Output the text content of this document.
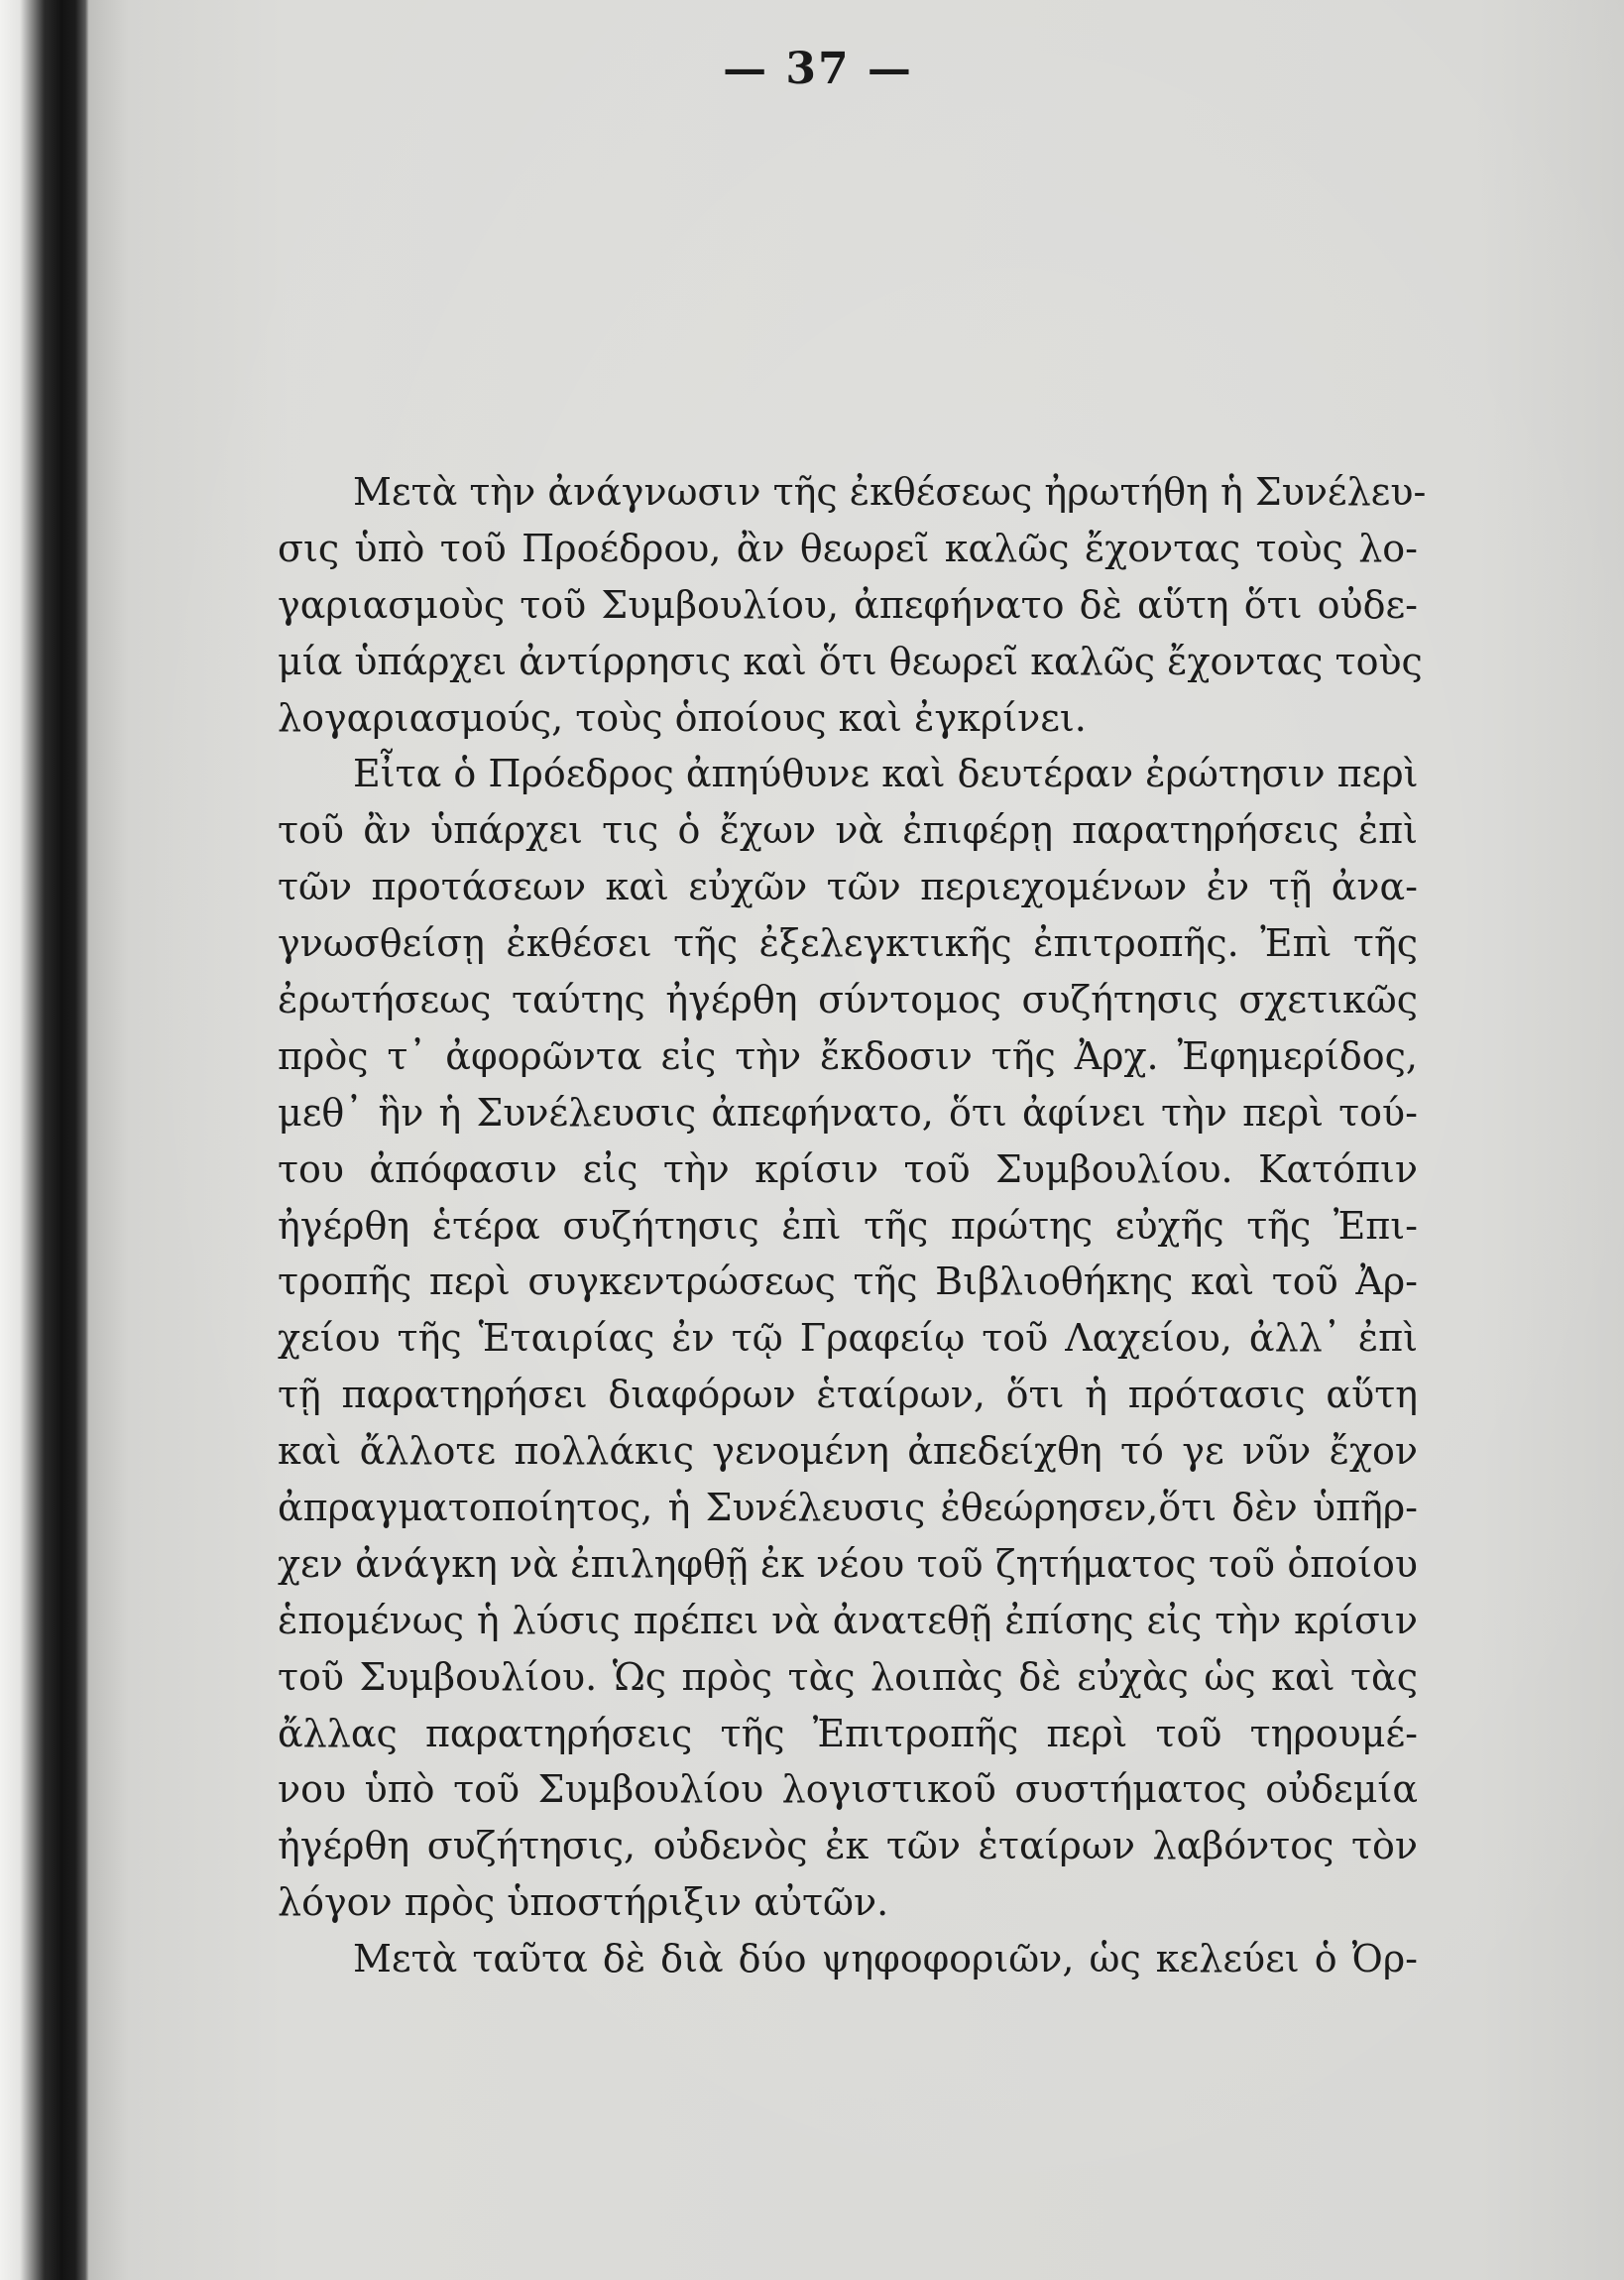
— 37 —
Μετὰ τὴν ἀνάγνωσιν τῆς ἐκθέσεως ἠρωτήθη ἡ Συνέλευ-
σις ὑπὸ τοῦ Προέδρου, ἂν θεωρεῖ καλῶς ἔχοντας τοὺς λο-
γαριασμοὺς τοῦ Συμβουλίου, ἀπεφήνατο δὲ αὕτη ὅτι οὐδε-
μία ὑπάρχει ἀντίρρησις καὶ ὅτι θεωρεῖ καλῶς ἔχοντας τοὺς
λογαριασμούς, τοὺς ὁποίους καὶ ἐγκρίνει.
Εἶτα ὁ Πρόεδρος ἀπηύθυνε καὶ δευτέραν ἐρώτησιν περὶ
τοῦ ἂν ὑπάρχει τις ὁ ἔχων νὰ ἐπιφέρῃ παρατηρήσεις ἐπὶ
τῶν προτάσεων καὶ εὐχῶν τῶν περιεχομένων ἐν τῇ ἀνα-
γνωσθείσῃ ἐκθέσει τῆς ἐξελεγκτικῆς ἐπιτροπῆς. Ἐπὶ τῆς
ἐρωτήσεως ταύτης ἠγέρθη σύντομος συζήτησις σχετικῶς
πρὸς τ᾽ ἀφορῶντα εἰς τὴν ἔκδοσιν τῆς Ἀρχ. Ἐφημερίδος,
μεθ᾽ ἣν ἡ Συνέλευσις ἀπεφήνατο, ὅτι ἀφίνει τὴν περὶ τού-
του ἀπόφασιν εἰς τὴν κρίσιν τοῦ Συμβουλίου. Κατόπιν
ἠγέρθη ἑτέρα συζήτησις ἐπὶ τῆς πρώτης εὐχῆς τῆς Ἐπι-
τροπῆς περὶ συγκεντρώσεως τῆς Βιβλιοθήκης καὶ τοῦ Ἀρ-
χείου τῆς Ἑταιρίας ἐν τῷ Γραφείῳ τοῦ Λαχείου, ἀλλ᾽ ἐπὶ
τῇ παρατηρήσει διαφόρων ἑταίρων, ὅτι ἡ πρότασις αὕτη
καὶ ἄλλοτε πολλάκις γενομένη ἀπεδείχθη τό γε νῦν ἔχον
ἀπραγματοποίητος, ἡ Συνέλευσις ἐθεώρησεν,ὅτι δὲν ὑπῆρ-
χεν ἀνάγκη νὰ ἐπιληφθῇ ἐκ νέου τοῦ ζητήματος τοῦ ὁποίου
ἑπομένως ἡ λύσις πρέπει νὰ ἀνατεθῇ ἐπίσης εἰς τὴν κρίσιν
τοῦ Συμβουλίου. Ὡς πρὸς τὰς λοιπὰς δὲ εὐχὰς ὡς καὶ τὰς
ἄλλας παρατηρήσεις τῆς Ἐπιτροπῆς περὶ τοῦ τηρουμέ-
νου ὑπὸ τοῦ Συμβουλίου λογιστικοῦ συστήματος οὐδεμία
ἠγέρθη συζήτησις, οὐδενὸς ἐκ τῶν ἑταίρων λαβόντος τὸν
λόγον πρὸς ὑποστήριξιν αὐτῶν.
Μετὰ ταῦτα δὲ διὰ δύο ψηφοφοριῶν, ὡς κελεύει ὁ Ὀρ-
